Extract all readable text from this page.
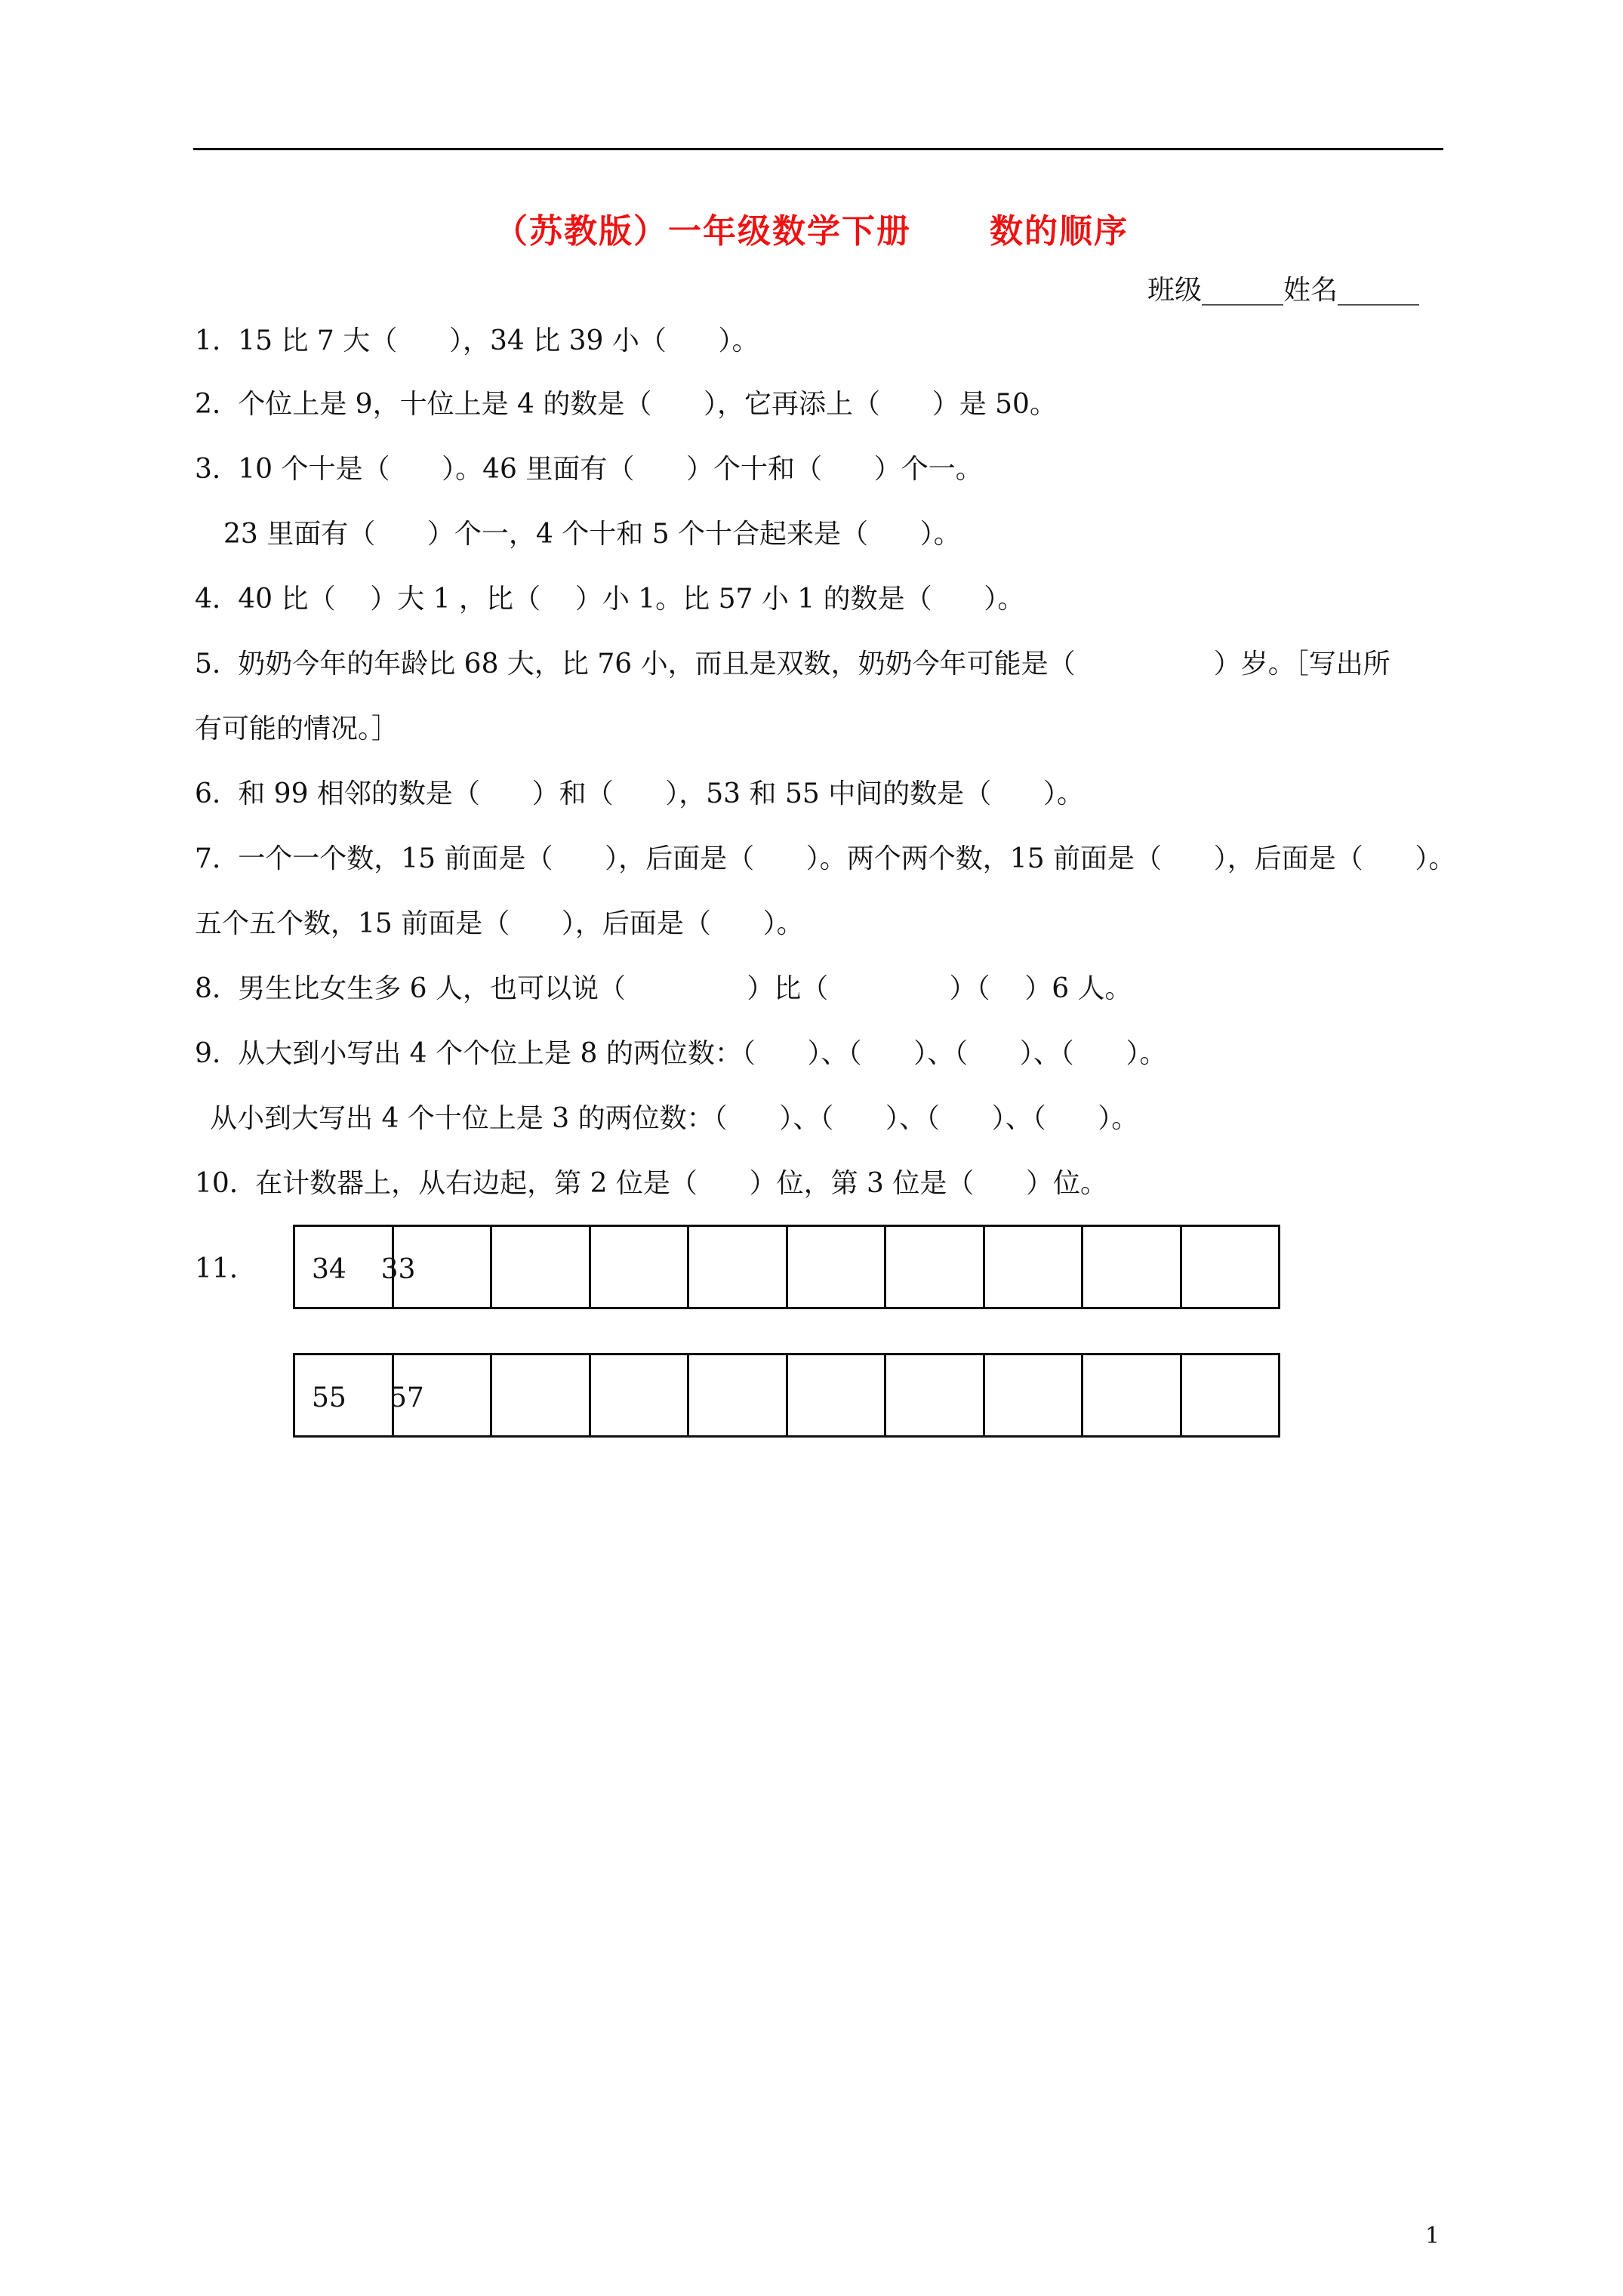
（苏教版）一年级数学下册      数的顺序
班级______姓名______
1.  15 比 7 大（      ），34 比 39 小（      ）。
2.  个位上是 9，十位上是 4 的数是（      ），它再添上（      ）是 50。
3.  10 个十是（      ）。46 里面有（      ）个十和（      ）个一。
23 里面有（      ）个一，4 个十和 5 个十合起来是（      ）。
4.  40 比（    ）大 1 ，比（    ）小 1。比 57 小 1 的数是（      ）。
5.  奶奶今年的年龄比 68 大，比 76 小，而且是双数，奶奶今年可能是（                ）岁。［写出所
有可能的情况。］
6.  和 99 相邻的数是（      ）和（      ），53 和 55 中间的数是（      ）。
7.  一个一个数，15 前面是（      ），后面是（      ）。两个两个数，15 前面是（      ），后面是（      ）。
五个五个数，15 前面是（      ），后面是（      ）。
8.  男生比女生多 6 人，也可以说（              ）比（              ）（    ）6 人。
9.  从大到小写出 4 个个位上是 8 的两位数：（      ）、（      ）、（      ）、（      ）。
从小到大写出 4 个十位上是 3 的两位数：（      ）、（      ）、（      ）、（      ）。
10.  在计数器上，从右边起，第 2 位是（      ）位，第 3 位是（      ）位。
11.	34    33
55     57
1
